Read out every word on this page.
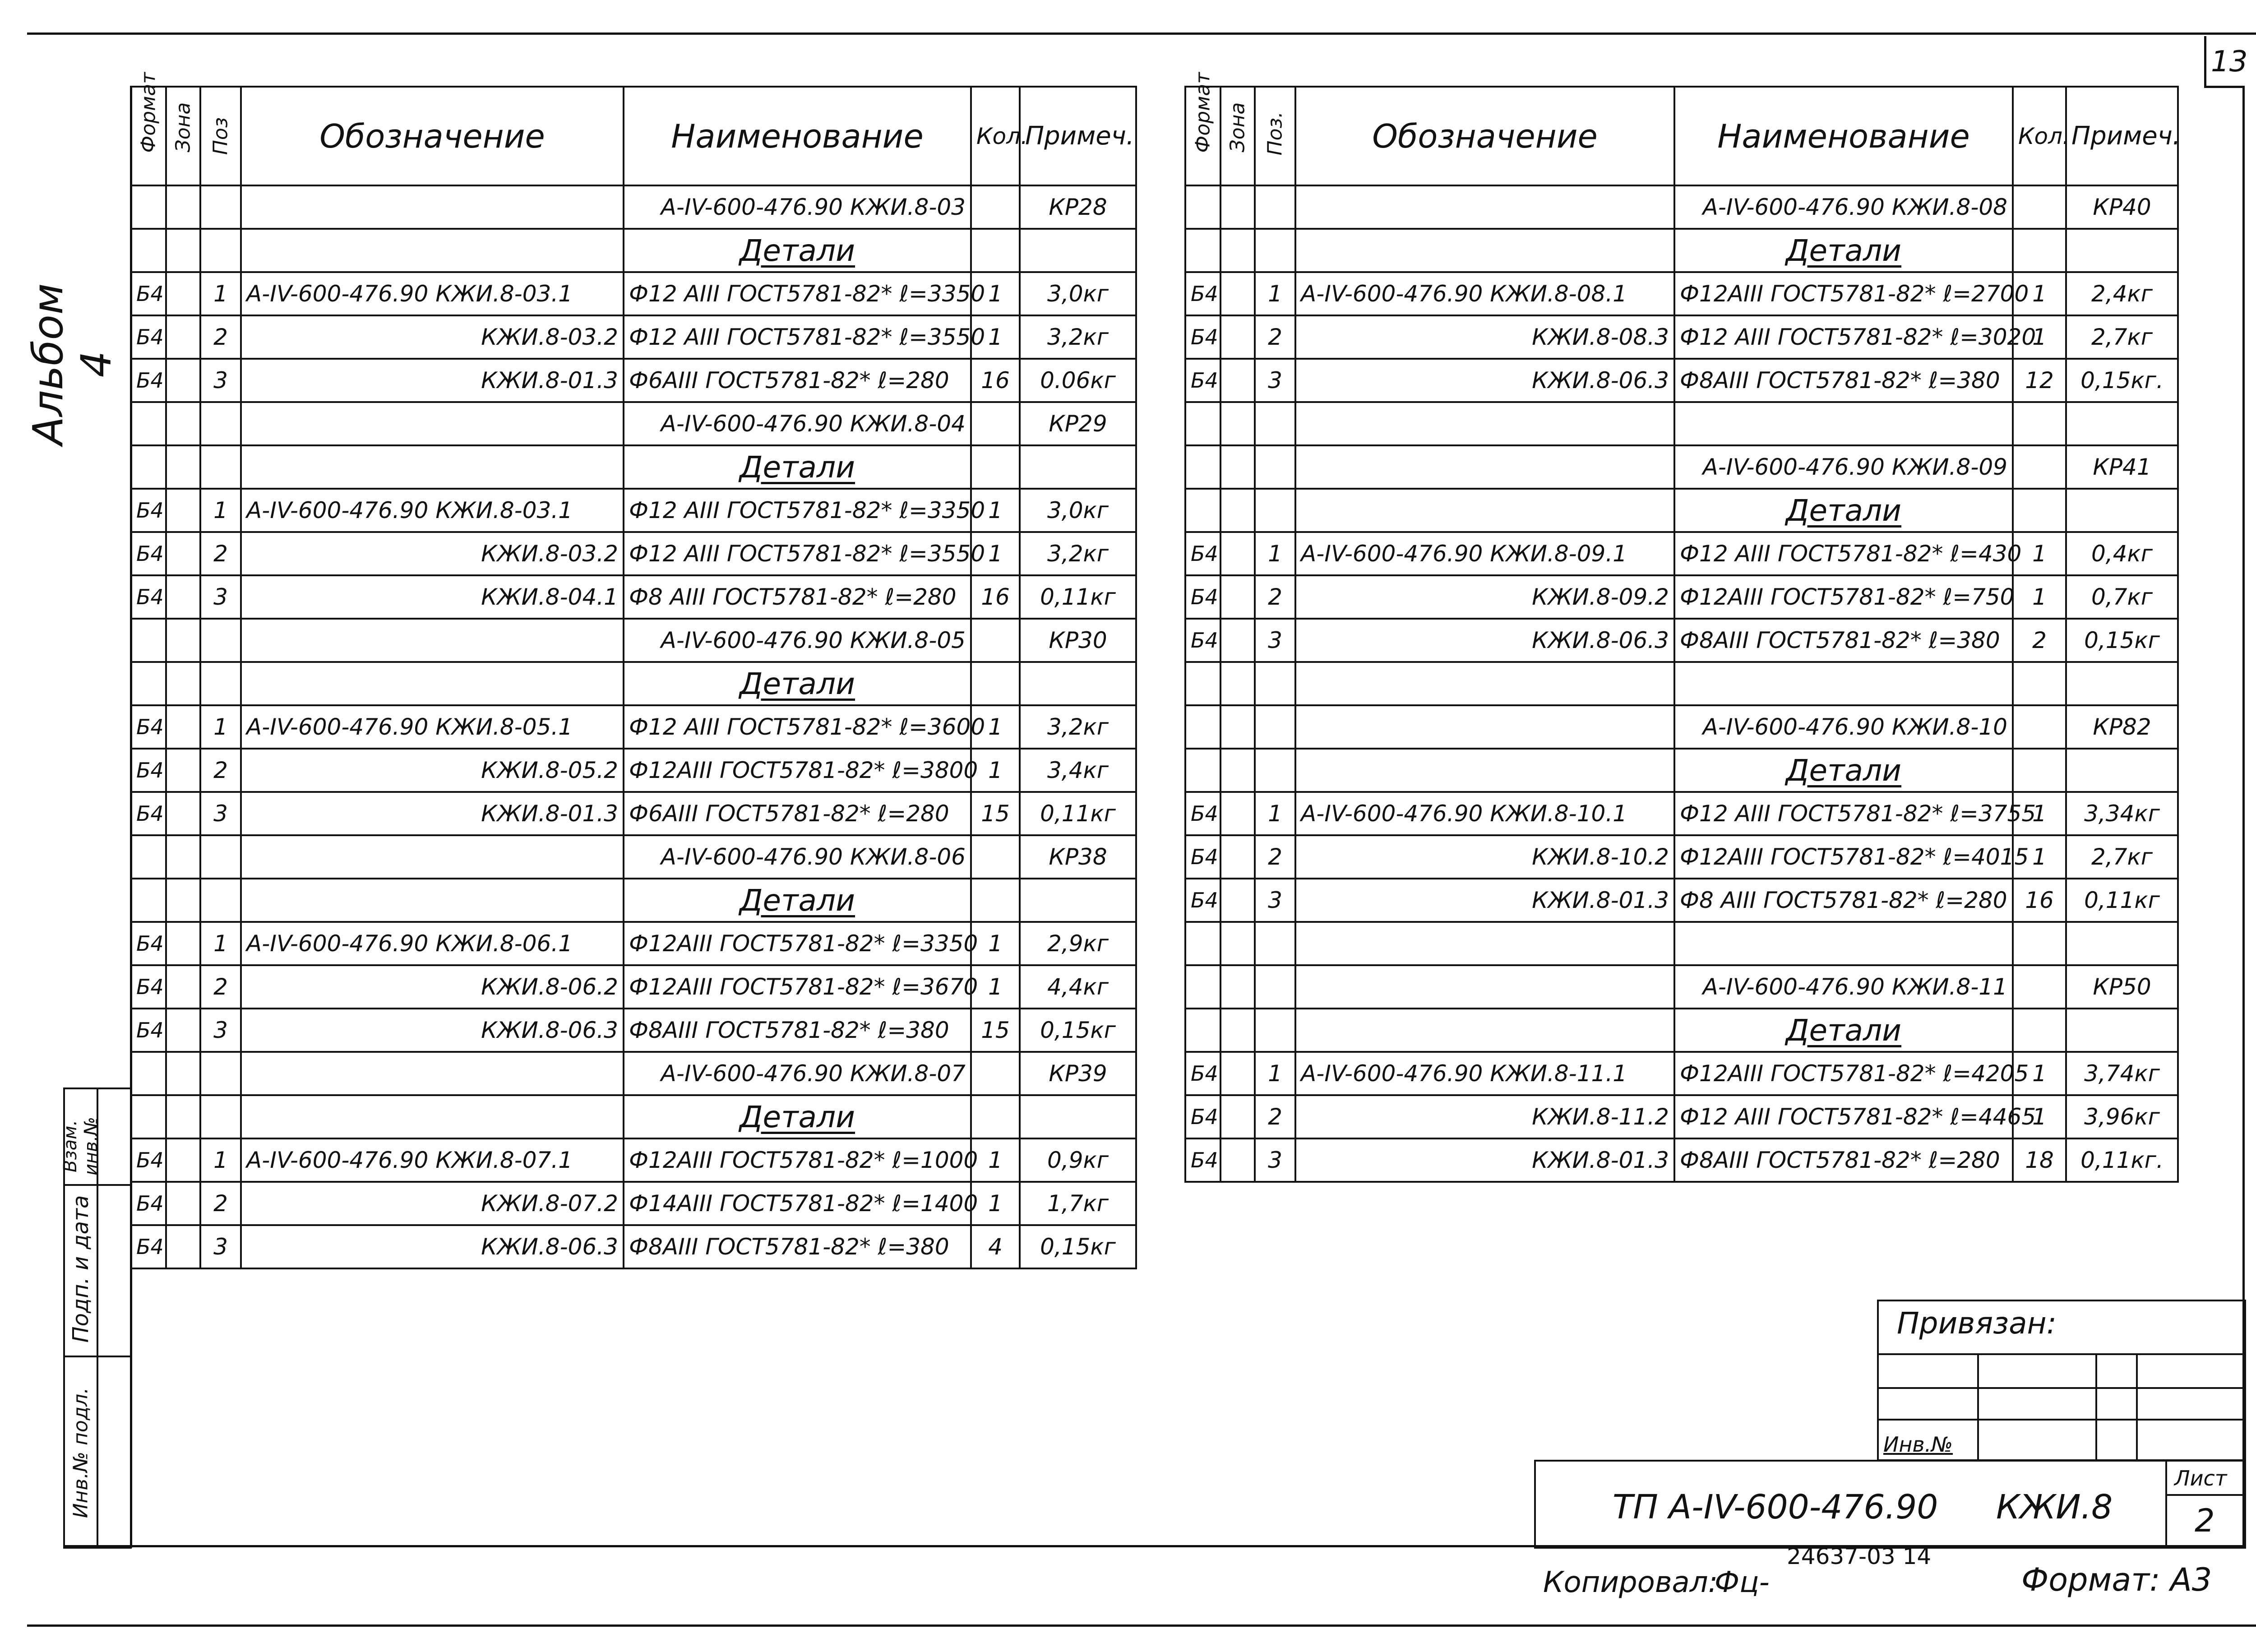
13
Альбом 4
Формат	Зона	Поз	Обозначение	Наименование	Кол.	Примеч.
				А-IV-600-476.90 КЖИ.8-03		КР28
				Детали		
Б4		1	А-IV-600-476.90 КЖИ.8-03.1	Ф12 АIII ГОСТ5781-82* ℓ=3350	1	3,0кг
Б4		2	КЖИ.8-03.2	Ф12 АIII ГОСТ5781-82* ℓ=3550	1	3,2кг
Б4		3	КЖИ.8-01.3	Ф6АIII ГОСТ5781-82* ℓ=280	16	0.06кг
				А-IV-600-476.90 КЖИ.8-04		КР29
				Детали		
Б4		1	А-IV-600-476.90 КЖИ.8-03.1	Ф12 АIII ГОСТ5781-82* ℓ=3350	1	3,0кг
Б4		2	КЖИ.8-03.2	Ф12 АIII ГОСТ5781-82* ℓ=3550	1	3,2кг
Б4		3	КЖИ.8-04.1	Ф8 АIII ГОСТ5781-82* ℓ=280	16	0,11кг
				А-IV-600-476.90 КЖИ.8-05		КР30
				Детали		
Б4		1	А-IV-600-476.90 КЖИ.8-05.1	Ф12 АIII ГОСТ5781-82* ℓ=3600	1	3,2кг
Б4		2	КЖИ.8-05.2	Ф12АIII ГОСТ5781-82* ℓ=3800	1	3,4кг
Б4		3	КЖИ.8-01.3	Ф6АIII ГОСТ5781-82* ℓ=280	15	0,11кг
				А-IV-600-476.90 КЖИ.8-06		КР38
				Детали		
Б4		1	А-IV-600-476.90 КЖИ.8-06.1	Ф12АIII ГОСТ5781-82* ℓ=3350	1	2,9кг
Б4		2	КЖИ.8-06.2	Ф12АIII ГОСТ5781-82* ℓ=3670	1	4,4кг
Б4		3	КЖИ.8-06.3	Ф8АIII ГОСТ5781-82* ℓ=380	15	0,15кг
				А-IV-600-476.90 КЖИ.8-07		КР39
				Детали		
Б4		1	А-IV-600-476.90 КЖИ.8-07.1	Ф12АIII ГОСТ5781-82* ℓ=1000	1	0,9кг
Б4		2	КЖИ.8-07.2	Ф14АIII ГОСТ5781-82* ℓ=1400	1	1,7кг
Б4		3	КЖИ.8-06.3	Ф8АIII ГОСТ5781-82* ℓ=380	4	0,15кг
Формат	Зона	Поз.	Обозначение	Наименование	Кол.	Примеч.
				А-IV-600-476.90 КЖИ.8-08		КР40
				Детали		
Б4		1	А-IV-600-476.90 КЖИ.8-08.1	Ф12АIII ГОСТ5781-82* ℓ=2700	1	2,4кг
Б4		2	КЖИ.8-08.3	Ф12 АIII ГОСТ5781-82* ℓ=3020	1	2,7кг
Б4		3	КЖИ.8-06.3	Ф8АIII ГОСТ5781-82* ℓ=380	12	0,15кг.

				А-IV-600-476.90 КЖИ.8-09		КР41
				Детали		
Б4		1	А-IV-600-476.90 КЖИ.8-09.1	Ф12 АIII ГОСТ5781-82* ℓ=430	1	0,4кг
Б4		2	КЖИ.8-09.2	Ф12АIII ГОСТ5781-82* ℓ=750	1	0,7кг
Б4		3	КЖИ.8-06.3	Ф8АIII ГОСТ5781-82* ℓ=380	2	0,15кг

				А-IV-600-476.90 КЖИ.8-10		КР82
				Детали		
Б4		1	А-IV-600-476.90 КЖИ.8-10.1	Ф12 АIII ГОСТ5781-82* ℓ=3755	1	3,34кг
Б4		2	КЖИ.8-10.2	Ф12АIII ГОСТ5781-82* ℓ=4015	1	2,7кг
Б4		3	КЖИ.8-01.3	Ф8 АIII ГОСТ5781-82* ℓ=280	16	0,11кг

				А-IV-600-476.90 КЖИ.8-11		КР50
				Детали		
Б4		1	А-IV-600-476.90 КЖИ.8-11.1	Ф12АIII ГОСТ5781-82* ℓ=4205	1	3,74кг
Б4		2	КЖИ.8-11.2	Ф12 АIII ГОСТ5781-82* ℓ=4465	1	3,96кг
Б4		3	КЖИ.8-01.3	Ф8АIII ГОСТ5781-82* ℓ=280	18	0,11кг.
Взам. инв.№
Подп. и дата
Инв.№ подл.
Привязан:
Инв.№
ТП А-IV-600-476.90 КЖИ.8
Лист
2
Копировал:
Фц-
24637-03 14
Формат: А3
